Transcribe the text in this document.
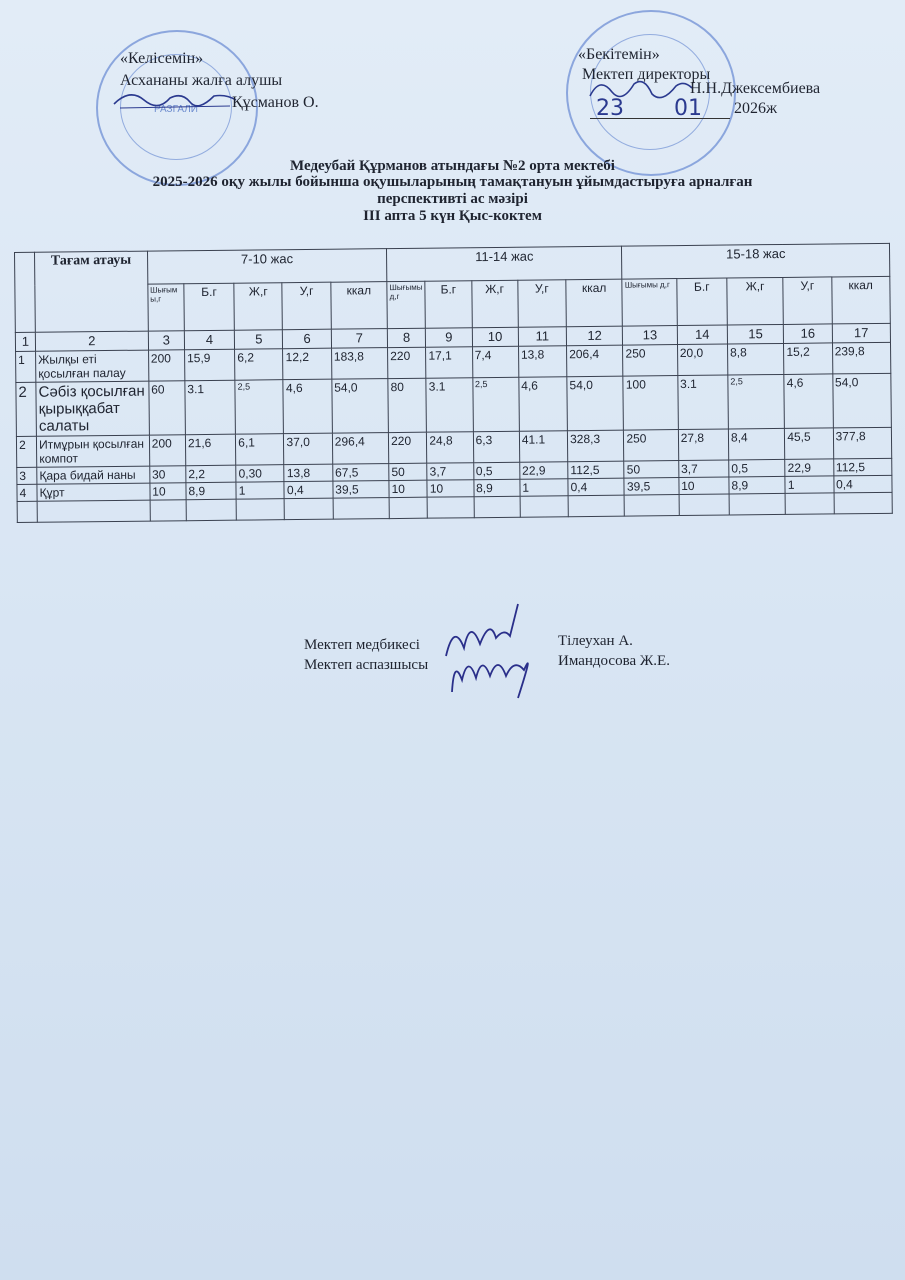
РАЗГАЛИ
«Келісемін»
Асхананы жалға алушы
Құсманов О.
«Бекітемін»
Мектеп директоры
Н.Н.Джексембиева
23 01 2026ж
Медеубай Құрманов атындағы №2 орта мектебі
2025-2026 оқу жылы бойынша оқушыларының тамақтануын ұйымдастыруға арналған
перспективті ас мәзірі
ІІІ апта 5 күн Қыс-коктем
	Тағам атауы	7-10 жас					11-14 жас					15-18 жас				
		Шығым ы,г	Б.г	Ж,г	У,г	ккал	Шығымы д,г	Б.г	Ж,г	У,г	ккал	Шығымы д,г	Б.г	Ж,г	У,г	ккал
1	2	3	4	5	6	7	8	9	10	11	12	13	14	15	16	17
1	Жылқы еті қосылған палау	200	15,9	6,2	12,2	183,8	220	17,1	7,4	13,8	206,4	250	20,0	8,8	15,2	239,8
2	Сәбіз қосылған қырыққабат салаты	60	3.1	2,5	4,6	54,0	80	3.1	2,5	4,6	54,0	100	3.1	2,5	4,6	54,0
2	Итмұрын қосылған компот	200	21,6	6,1	37,0	296,4	220	24,8	6,3	41.1	328,3	250	27,8	8,4	45,5	377,8
3	Қара бидай наны	30	2,2	0,30	13,8	67,5	50	3,7	0,5	22,9	112,5	50	3,7	0,5	22,9	112,5
4	Құрт	10	8,9	1	0,4	39,5	10	10	8,9	1	0,4	39,5	10	8,9	1	0,4

Мектеп медбикесі	Тілеухан А.
Мектеп аспазшысы	Имандосова Ж.Е.
